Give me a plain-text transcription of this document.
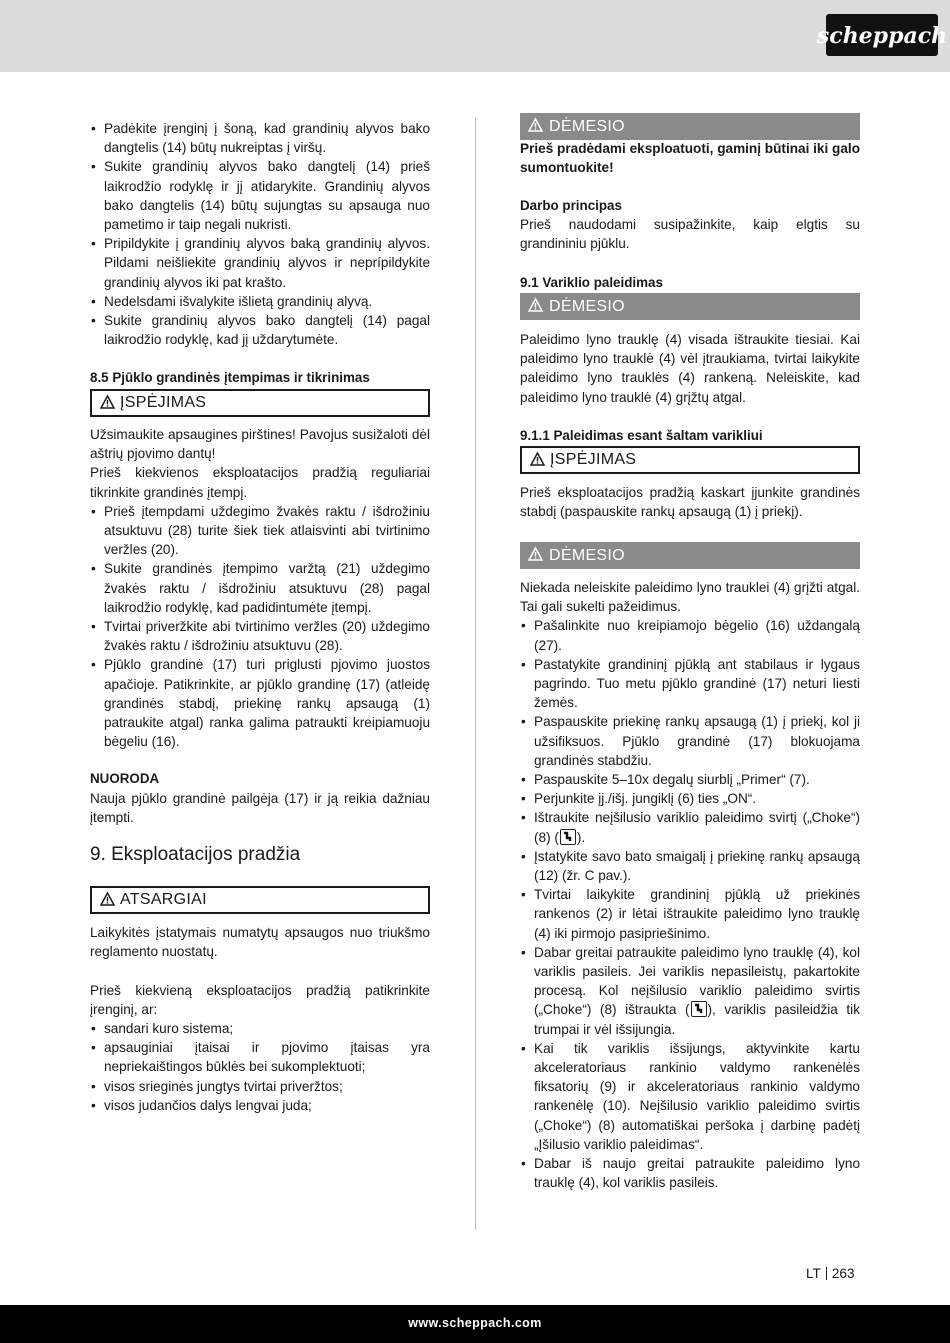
scheppach
• Padėkite įrenginį į šoną, kad grandinių alyvos bako dangtelis (14) būtų nukreiptas į viršų.
• Sukite grandinių alyvos bako dangtelį (14) prieš laikrodžio rodyklę ir jį atidarykite. Grandinių alyvos bako dangtelis (14) būtų sujungtas su apsauga nuo pametimo ir taip negali nukristi.
• Pripildykite į grandinių alyvos baką grandinių alyvos. Pildami neišliekite grandinių alyvos ir neprípildykite grandinių alyvos iki pat krašto.
• Nedelsdami išvalykite išlietą grandinių alyvą.
• Sukite grandinių alyvos bako dangtelį (14) pagal laikrodžio rodyklę, kad jį uždarytumėte.
8.5 Pjūklo grandinės įtempimas ir tikrinimas
ĮSPĖJIMAS

Užsimaukite apsaugines pirštines! Pavojus susižaloti dėl aštrių pjovimo dantų!

Prieš kiekvienos eksploatacijos pradžią reguliariai tikrinkite grandinės įtempį.

• Prieš įtempdami uždegimo žvakės raktu / išdrožiniu atsuktuvu (28) turite šiek tiek atlaisvinti abi tvirtinimo veržles (20).
• Sukite grandinės įtempimo varžtą (21) uždegimo žvakės raktu / išdrožiniu atsuktuvu (28) pagal laikrodžio rodyklę, kad padidintumėte įtempį.
• Tvirtai priveržkite abi tvirtinimo veržles (20) uždegimo žvakės raktu / išdrožiniu atsuktuvu (28).
• Pjūklo grandinė (17) turi priglusti pjovimo juostos apačioje. Patikrinkite, ar pjūklo grandinę (17) (atleidę grandinės stabdį, priekinę rankų apsaugą (1) patraukite atgal) ranka galima patraukti kreipiamuoju bėgeliu (16).
NUORODA

Nauja pjūklo grandinė pailgėja (17) ir ją reikia dažniau įtempti.

9. Eksploatacijos pradžia
ATSARGIAI

Laikykitės įstatymais numatytų apsaugos nuo triukšmo reglamento nuostatų.

Prieš kiekvieną eksploatacijos pradžią patikrinkite įrenginį, ar:

• sandari kuro sistema;
• apsauginiai įtaisai ir pjovimo įtaisas yra nepriekaištingos būklės bei sukomplektuoti;
• visos srieginės jungtys tvirtai priveržtos;
• visos judančios dalys lengvai juda;
DĖMESIO

Prieš pradėdami eksploatuoti, gaminį būtinai iki galo sumontuokite!

Darbo principas

Prieš naudodami susipažinkite, kaip elgtis su grandininiu pjūklu.

9.1 Variklio paleidimas
DĖMESIO

Paleidimo lyno trauklę (4) visada ištraukite tiesiai. Kai paleidimo lyno trauklė (4) vėl įtraukiama, tvirtai laikykite paleidimo lyno trauklės (4) rankeną. Neleiskite, kad paleidimo lyno trauklė (4) grįžtų atgal.

9.1.1 Paleidimas esant šaltam varikliui
ĮSPĖJIMAS

Prieš eksploatacijos pradžią kaskart įjunkite grandinės stabdį (paspauskite rankų apsaugą (1) į priekį).

DĖMESIO

Niekada neleiskite paleidimo lyno trauklei (4) grįžti atgal. Tai gali sukelti pažeidimus.

• Pašalinkite nuo kreipiamojo bėgelio (16) uždangalą (27).
• Pastatykite grandininį pjūklą ant stabilaus ir lygaus pagrindo. Tuo metu pjūklo grandinė (17) neturi liesti žemės.
• Paspauskite priekinę rankų apsaugą (1) į priekį, kol ji užsifiksuos. Pjūklo grandinė (17) blokuojama grandinės stabdžiu.
• Paspauskite 5–10x degalų siurblį „Primer“ (7).
• Perjunkite įj./išj. jungiklį (6) ties „ON“.
• Ištraukite neįšilusio variklio paleidimo svirtį („Choke“) (8) ( ).
• Įstatykite savo bato smaigalį į priekinę rankų apsaugą (12) (žr. C pav.).
• Tvirtai laikykite grandininį pjūklą už priekinės rankenos (2) ir lėtai ištraukite paleidimo lyno trauklę (4) iki pirmojo pasipriešinimo.
• Dabar greitai patraukite paleidimo lyno trauklę (4), kol variklis pasileis. Jei variklis nepasileistų, pakartokite procesą. Kol neįšilusio variklio paleidimo svirtis („Choke“) (8) ištraukta ( ), variklis pasileidžia tik trumpai ir vėl išsijungia.
• Kai tik variklis išsijungs, aktyvinkite kartu akceleratoriaus rankinio valdymo rankenėlės fiksatorių (9) ir akceleratoriaus rankinio valdymo rankenėlę (10). Neįšilusio variklio paleidimo svirtis („Choke“) (8) automatiškai peršoka į darbinę padėtį „Įšilusio variklio paleidimas“.
• Dabar iš naujo greitai patraukite paleidimo lyno trauklę (4), kol variklis pasileis.
LT 263
www.scheppach.com
